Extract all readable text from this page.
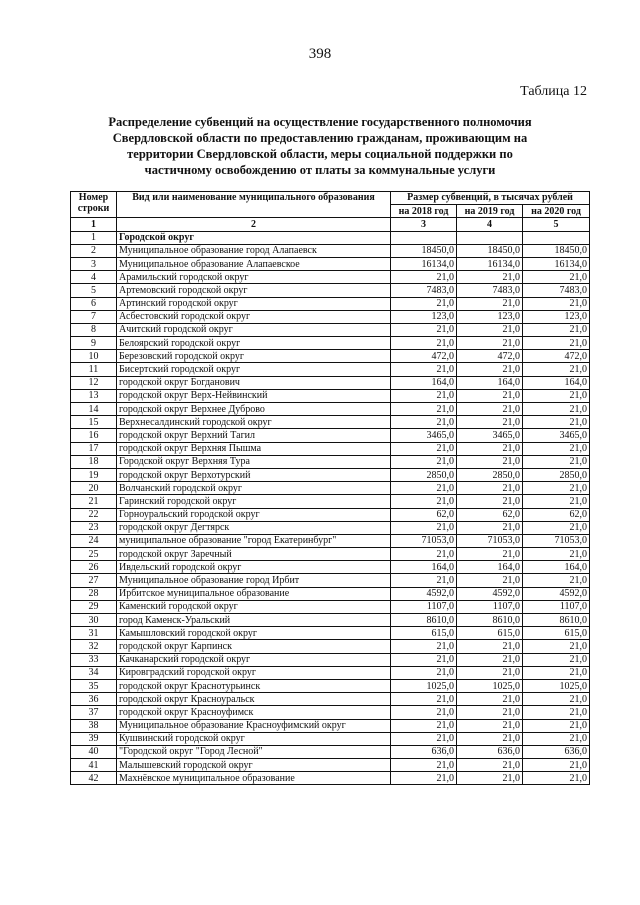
398
Таблица 12
Распределение субвенций на осуществление государственного полномочия
Свердловской области по предоставлению гражданам, проживающим на
территории Свердловской области, меры социальной поддержки по
частичному освобождению от платы за коммунальные услуги
Номер строки	Вид или наименование муниципального образования	Размер субвенций, в тысячах рублей		
		на 2018 год	на 2019 год	на 2020 год
1	2	3	4	5
1	Городской округ			
2	Муниципальное образование город Алапаевск	18450,0	18450,0	18450,0
3	Муниципальное образование Алапаевское	16134,0	16134,0	16134,0
4	Арамильский городской округ	21,0	21,0	21,0
5	Артемовский городской округ	7483,0	7483,0	7483,0
6	Артинский городской округ	21,0	21,0	21,0
7	Асбестовский городской округ	123,0	123,0	123,0
8	Ачитский городской округ	21,0	21,0	21,0
9	Белоярский городской округ	21,0	21,0	21,0
10	Березовский городской округ	472,0	472,0	472,0
11	Бисертский городской округ	21,0	21,0	21,0
12	городской округ Богданович	164,0	164,0	164,0
13	городской округ Верх-Нейвинский	21,0	21,0	21,0
14	городской округ Верхнее Дуброво	21,0	21,0	21,0
15	Верхнесалдинский городской округ	21,0	21,0	21,0
16	городской округ Верхний Тагил	3465,0	3465,0	3465,0
17	городской округ Верхняя Пышма	21,0	21,0	21,0
18	Городской округ Верхняя Тура	21,0	21,0	21,0
19	городской округ Верхотурский	2850,0	2850,0	2850,0
20	Волчанский городской округ	21,0	21,0	21,0
21	Гаринский городской округ	21,0	21,0	21,0
22	Горноуральский городской округ	62,0	62,0	62,0
23	городской округ Дегтярск	21,0	21,0	21,0
24	муниципальное образование "город Екатеринбург"	71053,0	71053,0	71053,0
25	городской округ Заречный	21,0	21,0	21,0
26	Ивдельский городской округ	164,0	164,0	164,0
27	Муниципальное образование город Ирбит	21,0	21,0	21,0
28	Ирбитское муниципальное образование	4592,0	4592,0	4592,0
29	Каменский городской округ	1107,0	1107,0	1107,0
30	город Каменск-Уральский	8610,0	8610,0	8610,0
31	Камышловский городской округ	615,0	615,0	615,0
32	городской округ Карпинск	21,0	21,0	21,0
33	Качканарский городской округ	21,0	21,0	21,0
34	Кировградский городской округ	21,0	21,0	21,0
35	городской округ Краснотурьинск	1025,0	1025,0	1025,0
36	городской округ Красноуральск	21,0	21,0	21,0
37	городской округ Красноуфимск	21,0	21,0	21,0
38	Муниципальное образование Красноуфимский округ	21,0	21,0	21,0
39	Кушвинский городской округ	21,0	21,0	21,0
40	"Городской округ "Город Лесной"	636,0	636,0	636,0
41	Малышевский городской округ	21,0	21,0	21,0
42	Махнёвское муниципальное образование	21,0	21,0	21,0
